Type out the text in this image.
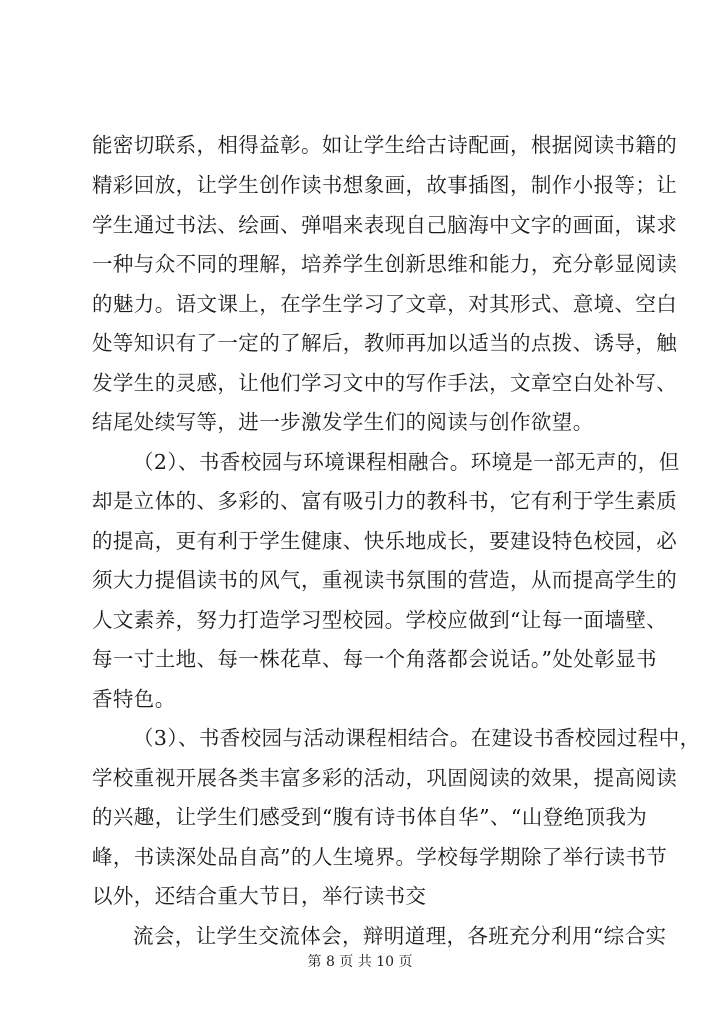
能密切联系，相得益彰。如让学生给古诗配画，根据阅读书籍的
精彩回放，让学生创作读书想象画，故事插图，制作小报等；让
学生通过书法、绘画、弹唱来表现自己脑海中文字的画面，谋求
一种与众不同的理解，培养学生创新思维和能力，充分彰显阅读
的魅力。语文课上，在学生学习了文章，对其形式、意境、空白
处等知识有了一定的了解后，教师再加以适当的点拨、诱导，触
发学生的灵感，让他们学习文中的写作手法，文章空白处补写、
结尾处续写等，进一步激发学生们的阅读与创作欲望。
（2）、书香校园与环境课程相融合。环境是一部无声的，但
却是立体的、多彩的、富有吸引力的教科书，它有利于学生素质
的提高，更有利于学生健康、快乐地成长，要建设特色校园，必
须大力提倡读书的风气，重视读书氛围的营造，从而提高学生的
人文素养，努力打造学习型校园。学校应做到“让每一面墙壁、
每一寸土地、每一株花草、每一个角落都会说话。”处处彰显书
香特色。
（3）、书香校园与活动课程相结合。在建设书香校园过程中，
学校重视开展各类丰富多彩的活动，巩固阅读的效果，提高阅读
的兴趣，让学生们感受到“腹有诗书体自华”、“山登绝顶我为
峰，书读深处品自高”的人生境界。学校每学期除了举行读书节
以外，还结合重大节日，举行读书交
流会，让学生交流体会，辩明道理，各班充分利用“综合实
第 8 页 共 10 页
